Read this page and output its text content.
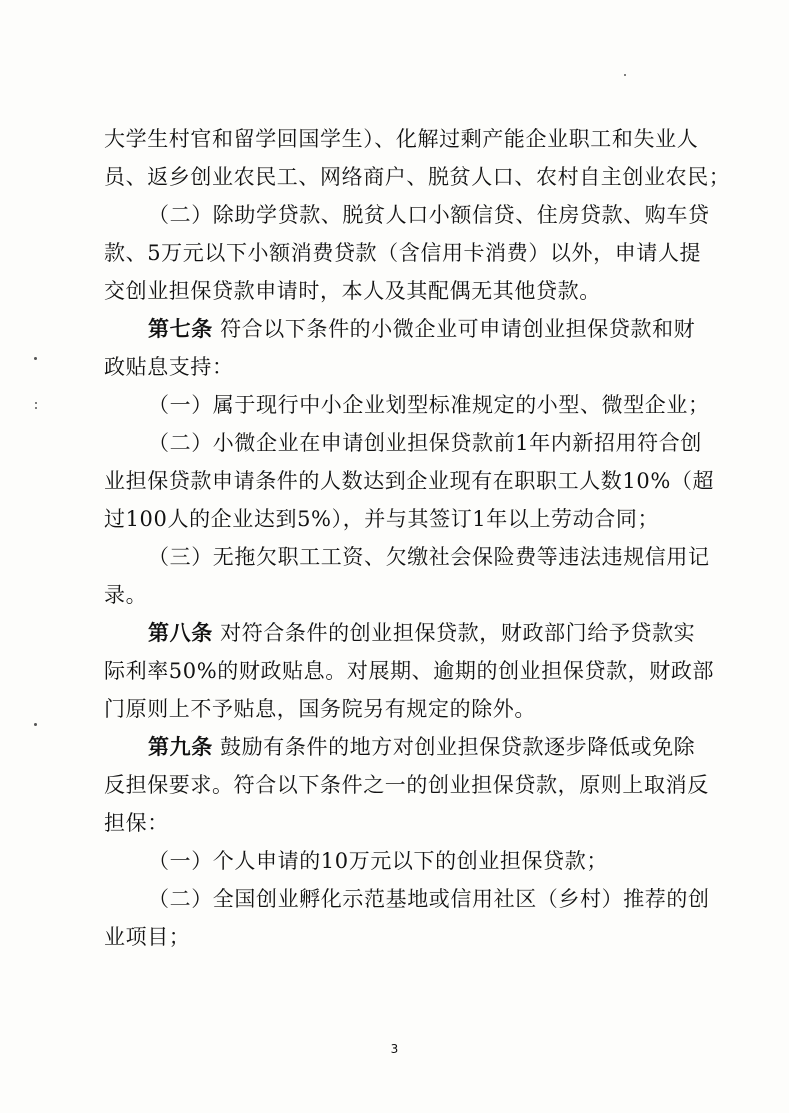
大学生村官和留学回国学生）、化解过剩产能企业职工和失业人
员、返乡创业农民工、网络商户、脱贫人口、农村自主创业农民；
（二）除助学贷款、脱贫人口小额信贷、住房贷款、购车贷
款、5万元以下小额消费贷款（含信用卡消费）以外，申请人提
交创业担保贷款申请时，本人及其配偶无其他贷款。
第七条 符合以下条件的小微企业可申请创业担保贷款和财
政贴息支持：
（一）属于现行中小企业划型标准规定的小型、微型企业；
（二）小微企业在申请创业担保贷款前1年内新招用符合创
业担保贷款申请条件的人数达到企业现有在职职工人数10%（超
过100人的企业达到5%），并与其签订1年以上劳动合同；
（三）无拖欠职工工资、欠缴社会保险费等违法违规信用记
录。
第八条 对符合条件的创业担保贷款，财政部门给予贷款实
际利率50%的财政贴息。对展期、逾期的创业担保贷款，财政部
门原则上不予贴息，国务院另有规定的除外。
第九条 鼓励有条件的地方对创业担保贷款逐步降低或免除
反担保要求。符合以下条件之一的创业担保贷款，原则上取消反
担保：
（一）个人申请的10万元以下的创业担保贷款；
（二）全国创业孵化示范基地或信用社区（乡村）推荐的创
业项目；
3
